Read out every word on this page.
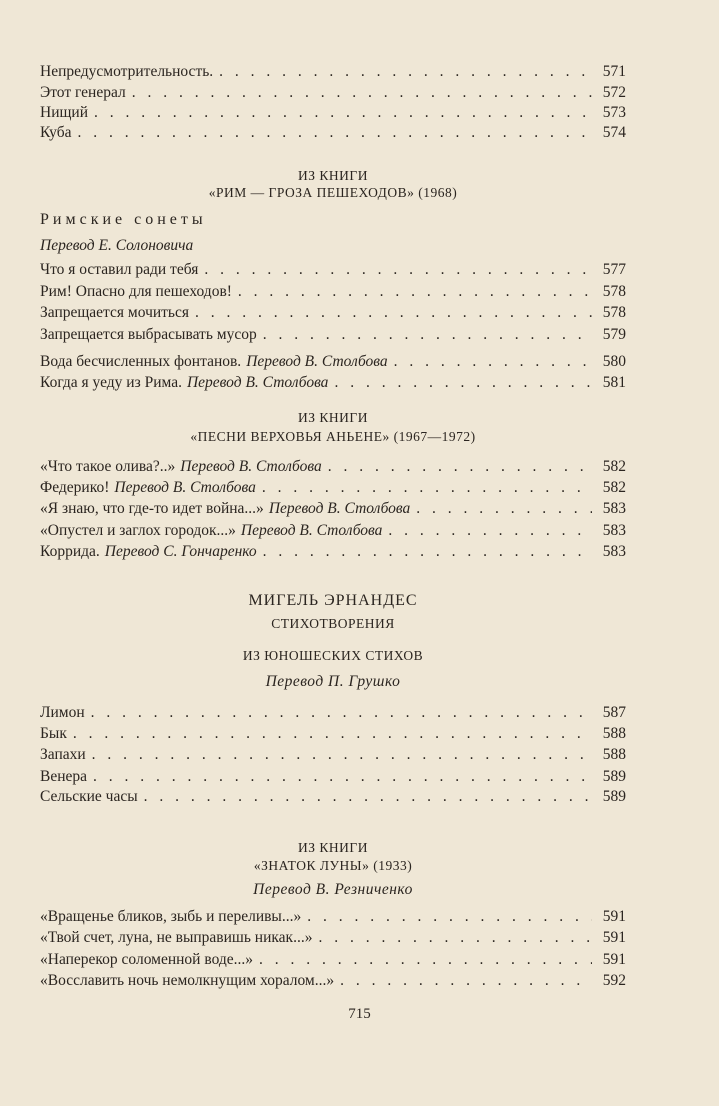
Непредусмотрительность. . . .	571
Этот генерал . . .	572
Нищий . . .	573
Куба . . .	574
ИЗ КНИГИ
«РИМ — ГРОЗА ПЕШЕХОДОВ» (1968)
Римские сонеты
Перевод Е. Солоновича
Что я оставил ради тебя . . .	577
Рим! Опасно для пешеходов! . . .	578
Запрещается мочиться . . .	578
Запрещается выбрасывать мусор . . .	579
Вода бесчисленных фонтанов. Перевод В. Столбова . . .	580
Когда я уеду из Рима. Перевод В. Столбова . . .	581
ИЗ КНИГИ
«ПЕСНИ ВЕРХОВЬЯ АНЬЕНЕ» (1967—1972)
«Что такое олива?..» Перевод В. Столбова . . .	582
Федерико! Перевод В. Столбова . . .	582
«Я знаю, что где-то идет война...» Перевод В. Столбова . . .	583
«Опустел и заглох городок...» Перевод В. Столбова . . .	583
Коррида. Перевод С. Гончаренко . . .	583
МИГЕЛЬ ЭРНАНДЕС
СТИХОТВОРЕНИЯ
ИЗ ЮНОШЕСКИХ СТИХОВ
Перевод П. Грушко
Лимон . . .	587
Бык . . .	588
Запахи . . .	588
Венера . . .	589
Сельские часы . . .	589
ИЗ КНИГИ
«ЗНАТОК ЛУНЫ» (1933)
Перевод В. Резниченко
«Вращенье бликов, зыбь и переливы...» . . .	591
«Твой счет, луна, не выправишь никак...» . . .	591
«Наперекор соломенной воде...» . . .	591
«Восславить ночь немолкнущим хоралом...» . . .	592
715
